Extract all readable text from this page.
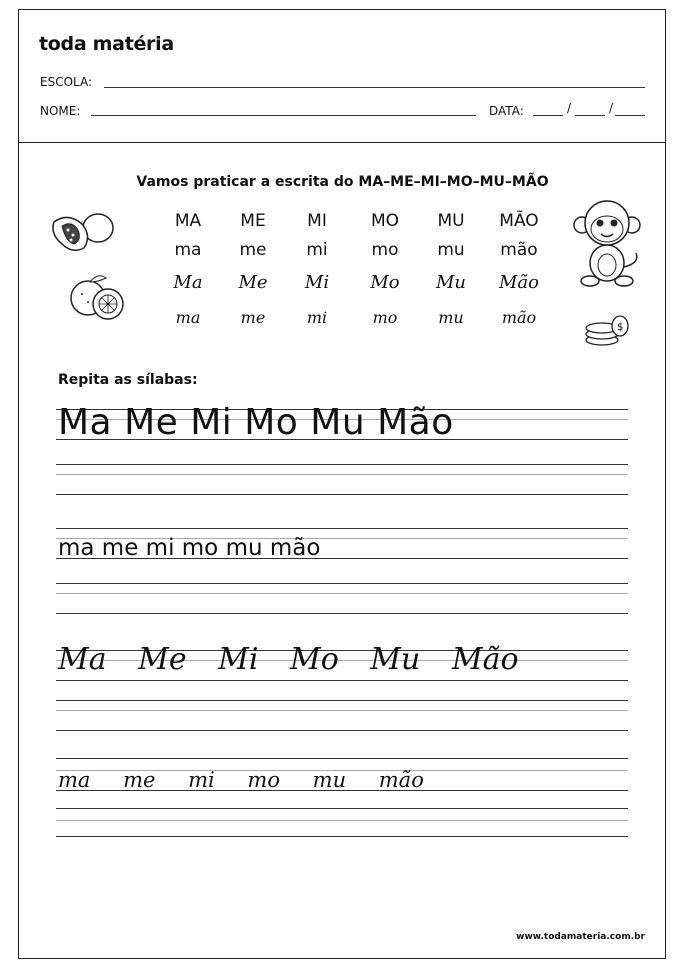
toda matéria
ESCOLA:
NOME:	DATA:	/	/
Vamos praticar a escrita do MA–ME–MI–MO–MU–MÃO
MA	ME	MI	MO	MU	MÃO
ma	me	mi	mo	mu	mão
Ma	Me	Mi	Mo	Mu	Mão
ma	me	mi	mo	mu	mão
$
Repita as sílabas:
Ma Me Mi Mo Mu Mão
ma me mi mo mu mão
Ma Me Mi Mo Mu Mão
ma me mi mo mu mão
www.todamateria.com.br
